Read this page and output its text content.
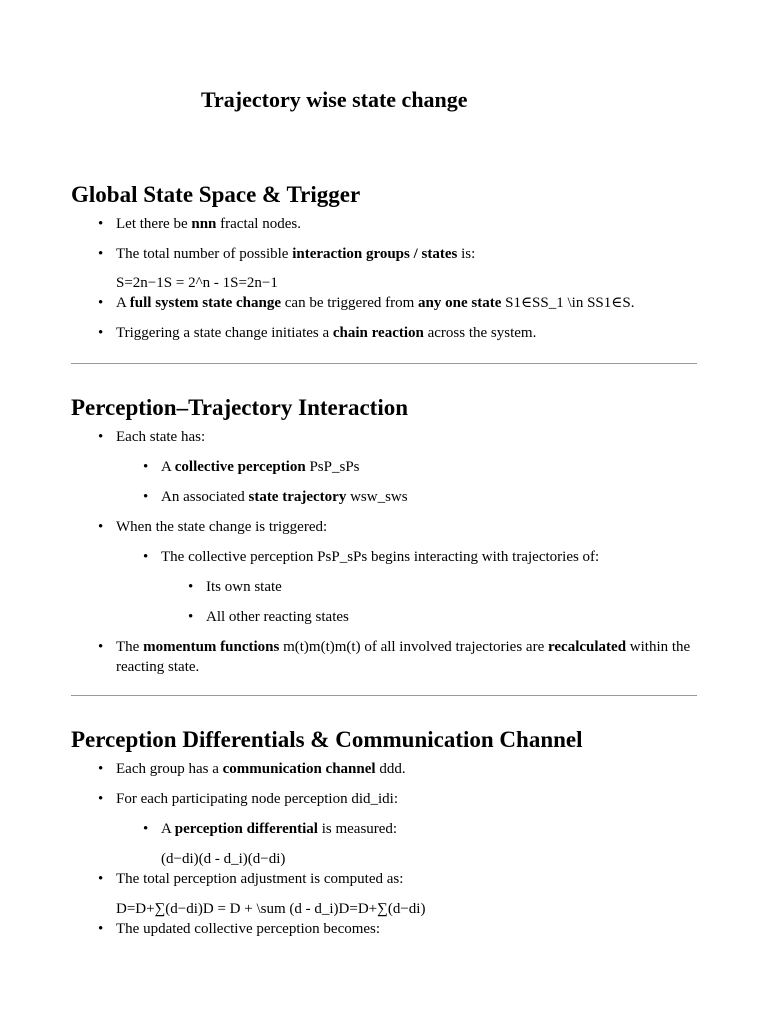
Trajectory wise state change
Global State Space & Trigger
• Let there be nnn fractal nodes.
• The total number of possible interaction groups / states is:
S=2n−1S = 2^n - 1S=2n−1
• A full system state change can be triggered from any one state S1∈SS_1 \in SS1∈S.
• Triggering a state change initiates a chain reaction across the system.
Perception–Trajectory Interaction
• Each state has:
• A collective perception PsP_sPs
• An associated state trajectory wsw_sws
• When the state change is triggered:
• The collective perception PsP_sPs begins interacting with trajectories of:
• Its own state
• All other reacting states
• The momentum functions m(t)m(t)m(t) of all involved trajectories are recalculated within the reacting state.
Perception Differentials & Communication Channel
• Each group has a communication channel ddd.
• For each participating node perception did_idi:
• A perception differential is measured:
(d−di)(d - d_i)(d−di)
• The total perception adjustment is computed as:
D=D+∑(d−di)D = D + \sum (d - d_i)D=D+∑(d−di)
• The updated collective perception becomes:
